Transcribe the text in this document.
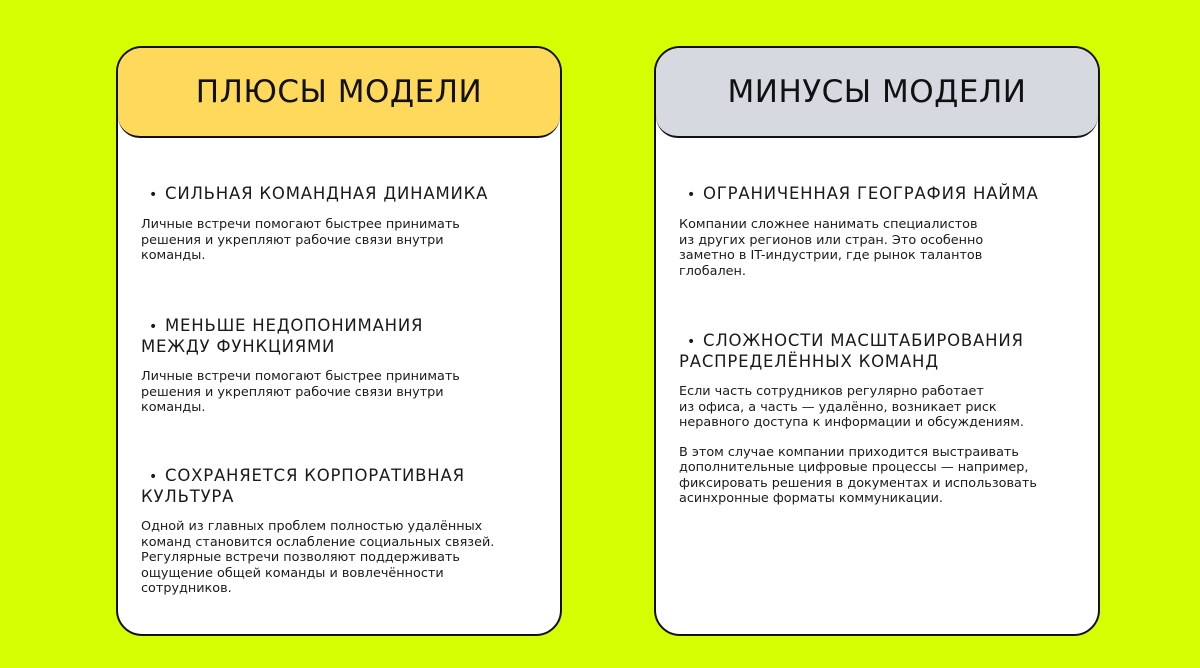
ПЛЮСЫ МОДЕЛИ

• СИЛЬНАЯ КОМАНДНАЯ ДИНАМИКА

Личные встречи помогают быстрее принимать
решения и укрепляют рабочие связи внутри
команды.

• МЕНЬШЕ НЕДОПОНИМАНИЯ
МЕЖДУ ФУНКЦИЯМИ

Личные встречи помогают быстрее принимать
решения и укрепляют рабочие связи внутри
команды.

• СОХРАНЯЕТСЯ КОРПОРАТИВНАЯ
КУЛЬТУРА

Одной из главных проблем полностью удалённых
команд становится ослабление социальных связей.
Регулярные встречи позволяют поддерживать
ощущение общей команды и вовлечённости
сотрудников.

МИНУСЫ МОДЕЛИ

• ОГРАНИЧЕННАЯ ГЕОГРАФИЯ НАЙМА

Компании сложнее нанимать специалистов
из других регионов или стран. Это особенно
заметно в IT-индустрии, где рынок талантов
глобален.

• СЛОЖНОСТИ МАСШТАБИРОВАНИЯ
РАСПРЕДЕЛЁННЫХ КОМАНД

Если часть сотрудников регулярно работает
из офиса, а часть — удалённо, возникает риск
неравного доступа к информации и обсуждениям.

В этом случае компании приходится выстраивать
дополнительные цифровые процессы — например,
фиксировать решения в документах и использовать
асинхронные форматы коммуникации.
